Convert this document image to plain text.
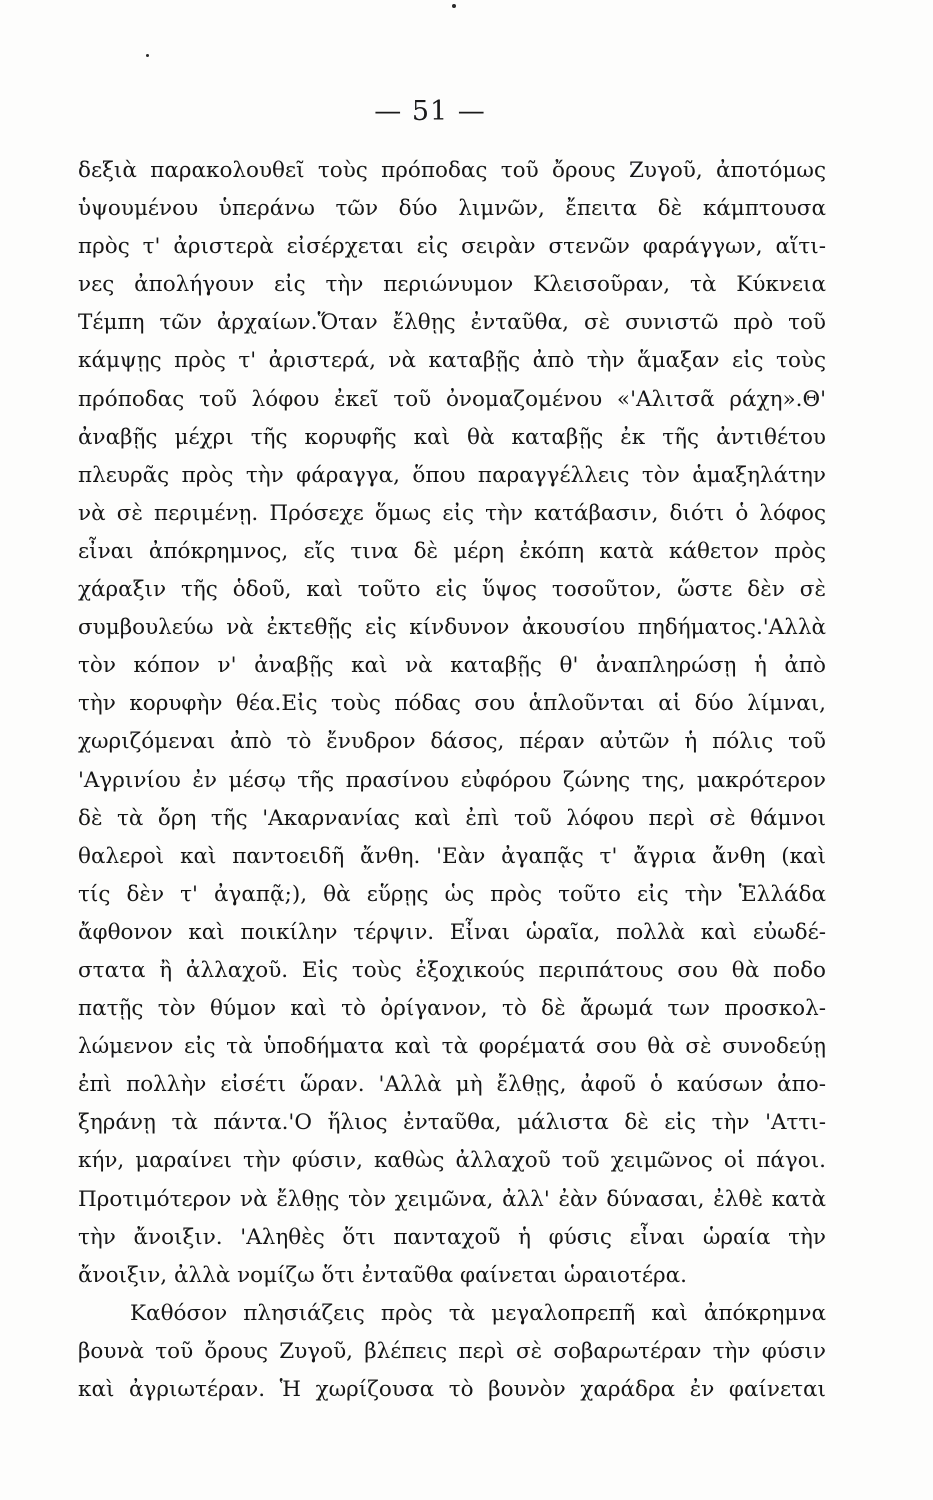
— 51 —
δεξιὰ παρακολουθεῖ τοὺς πρόποδας τοῦ ὄρους Ζυγοῦ, ἀποτόμως
ὑψουμένου ὑπεράνω τῶν δύο λιμνῶν, ἔπειτα δὲ κάμπτουσα
πρὸς τ' ἀριστερὰ εἰσέρχεται εἰς σειρὰν στενῶν φαράγγων, αἵτι-
νες ἀπολήγουν εἰς τὴν περιώνυμον Κλεισοῦραν, τὰ Κύκνεια
Τέμπη τῶν ἀρχαίων.Ὅταν ἔλθῃς ἐνταῦθα, σὲ συνιστῶ πρὸ τοῦ
κάμψῃς πρὸς τ' ἀριστερά, νὰ καταβῇς ἀπὸ τὴν ἅμαξαν εἰς τοὺς
πρόποδας τοῦ λόφου ἐκεῖ τοῦ ὀνομαζομένου «'Αλιτσᾶ ράχη».Θ'
ἀναβῇς μέχρι τῆς κορυφῆς καὶ θὰ καταβῇς ἐκ τῆς ἀντιθέτου
πλευρᾶς πρὸς τὴν φάραγγα, ὅπου παραγγέλλεις τὸν ἁμαξηλάτην
νὰ σὲ περιμένῃ. Πρόσεχε ὅμως εἰς τὴν κατάβασιν, διότι ὁ λόφος
εἶναι ἀπόκρημνος, εἴς τινα δὲ μέρη ἐκόπη κατὰ κάθετον πρὸς
χάραξιν τῆς ὁδοῦ, καὶ τοῦτο εἰς ὕψος τοσοῦτον, ὥστε δὲν σὲ
συμβουλεύω νὰ ἐκτεθῇς εἰς κίνδυνον ἀκουσίου πηδήματος.'Αλλὰ
τὸν κόπον ν' ἀναβῇς καὶ νὰ καταβῇς θ' ἀναπληρώσῃ ἡ ἀπὸ
τὴν κορυφὴν θέα.Εἰς τοὺς πόδας σου ἁπλοῦνται αἱ δύο λίμναι,
χωριζόμεναι ἀπὸ τὸ ἔνυδρον δάσος, πέραν αὐτῶν ἡ πόλις τοῦ
'Αγρινίου ἐν μέσῳ τῆς πρασίνου εὐφόρου ζώνης της, μακρότερον
δὲ τὰ ὄρη τῆς 'Ακαρνανίας καὶ ἐπὶ τοῦ λόφου περὶ σὲ θάμνοι
θαλεροὶ καὶ παντοειδῆ ἄνθη. 'Εὰν ἀγαπᾷς τ' ἄγρια ἄνθη (καὶ
τίς δὲν τ' ἀγαπᾷ;), θὰ εὕρῃς ὡς πρὸς τοῦτο εἰς τὴν Ἑλλάδα
ἄφθονον καὶ ποικίλην τέρψιν. Εἶναι ὡραῖα, πολλὰ καὶ εὐωδέ-
στατα ἢ ἀλλαχοῦ. Εἰς τοὺς ἐξοχικούς περιπάτους σου θὰ ποδο
πατῇς τὸν θύμον καὶ τὸ ὀρίγανον, τὸ δὲ ἄρωμά των προσκολ-
λώμενον εἰς τὰ ὑποδήματα καὶ τὰ φορέματά σου θὰ σὲ συνοδεύῃ
ἐπὶ πολλὴν εἰσέτι ὥραν. 'Αλλὰ μὴ ἔλθῃς, ἀφοῦ ὁ καύσων ἀπο-
ξηράνῃ τὰ πάντα.'Ο ἥλιος ἐνταῦθα, μάλιστα δὲ εἰς τὴν 'Αττι-
κήν, μαραίνει τὴν φύσιν, καθὼς ἀλλαχοῦ τοῦ χειμῶνος οἱ πάγοι.
Προτιμότερον νὰ ἔλθῃς τὸν χειμῶνα, ἀλλ' ἐὰν δύνασαι, ἐλθὲ κατὰ
τὴν ἄνοιξιν. 'Αληθὲς ὅτι πανταχοῦ ἡ φύσις εἶναι ὡραία τὴν
ἄνοιξιν, ἀλλὰ νομίζω ὅτι ἐνταῦθα φαίνεται ὡραιοτέρα.
Καθόσον πλησιάζεις πρὸς τὰ μεγαλοπρεπῆ καὶ ἀπόκρημνα
βουνὰ τοῦ ὄρους Ζυγοῦ, βλέπεις περὶ σὲ σοβαρωτέραν τὴν φύσιν
καὶ ἀγριωτέραν. Ἡ χωρίζουσα τὸ βουνὸν χαράδρα ἐν φαίνεται
